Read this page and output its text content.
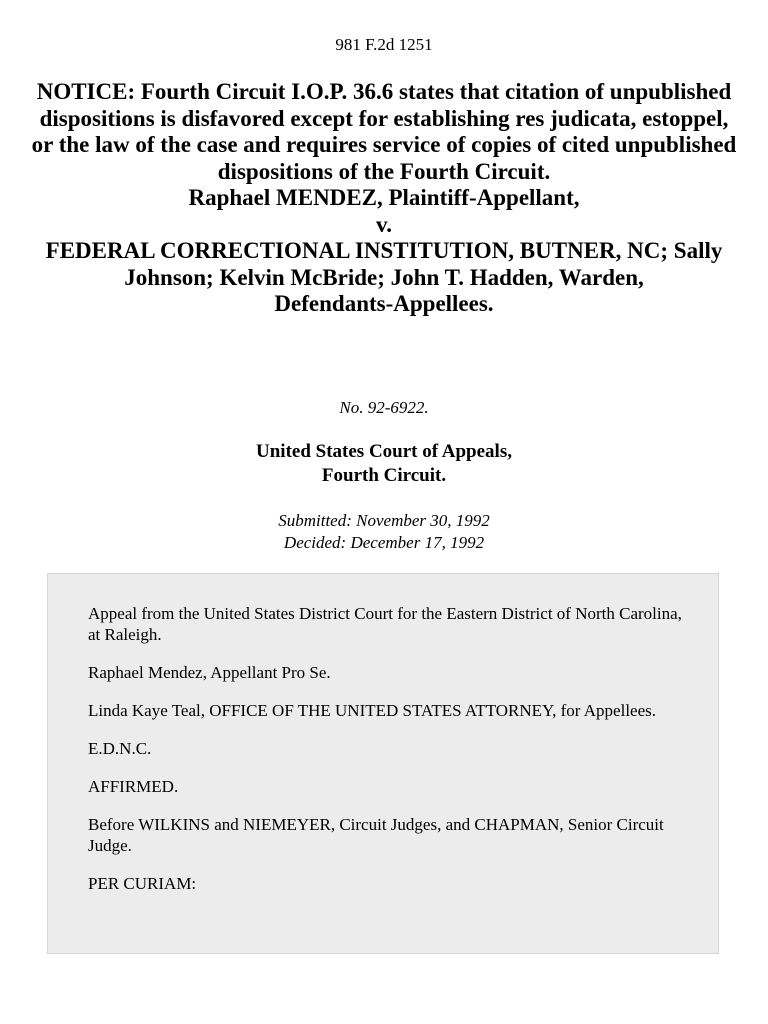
981 F.2d 1251
NOTICE: Fourth Circuit I.O.P. 36.6 states that citation of unpublished dispositions is disfavored except for establishing res judicata, estoppel, or the law of the case and requires service of copies of cited unpublished dispositions of the Fourth Circuit.
Raphael MENDEZ, Plaintiff-Appellant,
v.
FEDERAL CORRECTIONAL INSTITUTION, BUTNER, NC; Sally
Johnson; Kelvin McBride; John T. Hadden, Warden,
Defendants-Appellees.
No. 92-6922.
United States Court of Appeals,
Fourth Circuit.
Submitted: November 30, 1992
Decided: December 17, 1992

Appeal from the United States District Court for the Eastern District of North Carolina, at Raleigh.

Raphael Mendez, Appellant Pro Se.

Linda Kaye Teal, OFFICE OF THE UNITED STATES ATTORNEY, for Appellees.

E.D.N.C.

AFFIRMED.

Before WILKINS and NIEMEYER, Circuit Judges, and CHAPMAN, Senior Circuit Judge.

PER CURIAM:
